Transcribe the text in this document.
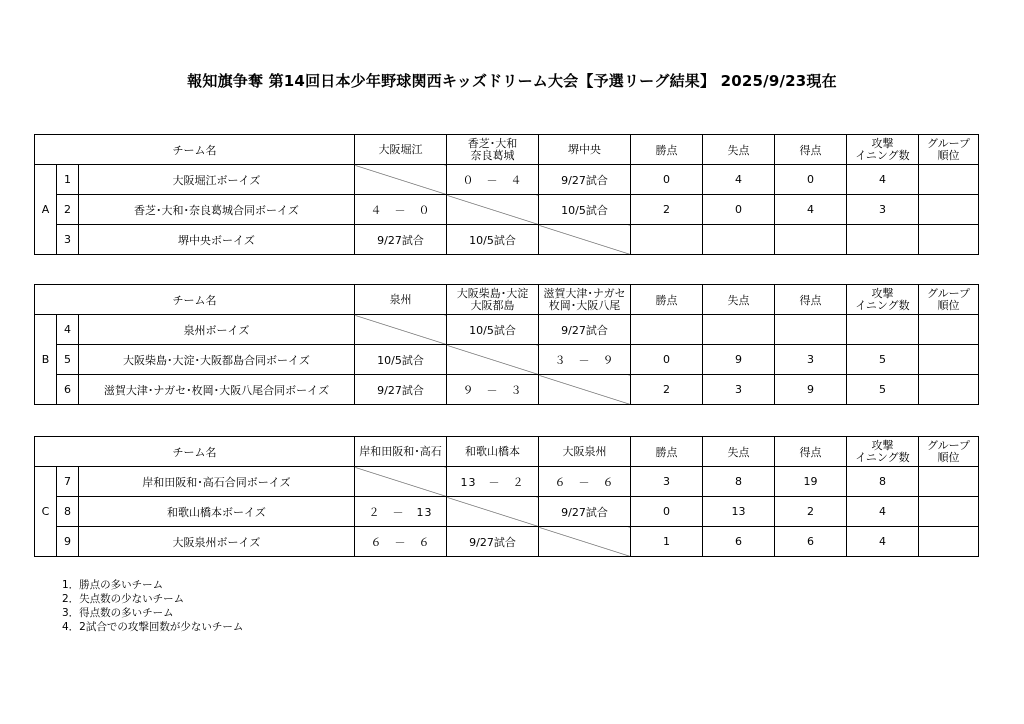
報知旗争奪 第14回日本少年野球関西キッズドリーム大会【予選リーグ結果】 2025/9/23現在
チーム名			大阪堀江	香芝･大和
奈良葛城	堺中央	勝点	失点	得点	攻撃
イニング数	グループ
順位
A	1	大阪堀江ボーイズ		０　－　４	9/27試合	0	4	0	4	
	2	香芝･大和･奈良葛城合同ボーイズ	４　－　０		10/5試合	2	0	4	3	
	3	堺中央ボーイズ	9/27試合	10/5試合						
チーム名			泉州	大阪柴島･大淀
大阪都島	滋賀大津･ナガセ
枚岡･大阪八尾	勝点	失点	得点	攻撃
イニング数	グループ
順位
B	4	泉州ボーイズ		10/5試合	9/27試合					
	5	大阪柴島･大淀･大阪都島合同ボーイズ	10/5試合		３　－　９	0	9	3	5	
	6	滋賀大津･ナガセ･枚岡･大阪八尾合同ボーイズ	9/27試合	９　－　３		2	3	9	5	
チーム名			岸和田阪和･高石	和歌山橋本	大阪泉州	勝点	失点	得点	攻撃
イニング数	グループ
順位
C	7	岸和田阪和･高石合同ボーイズ		13　－　２	６　－　６	3	8	19	8	
	8	和歌山橋本ボーイズ	２　－　13		9/27試合	0	13	2	4	
	9	大阪泉州ボーイズ	６　－　６	9/27試合		1	6	6	4	
1．勝点の多いチーム
2．失点数の少ないチーム
3．得点数の多いチーム
4．2試合での攻撃回数が少ないチーム
